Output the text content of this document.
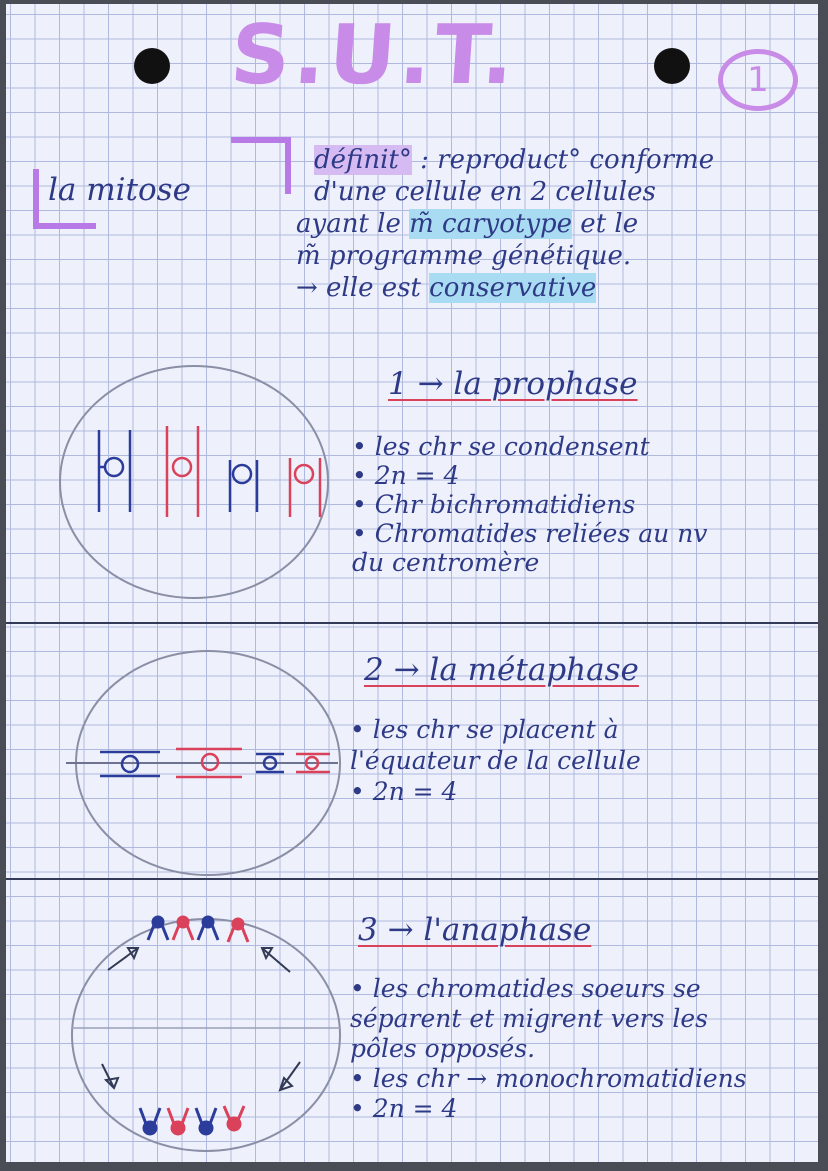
S.U.T.	1
la mitose
définit° : reproduct° conforme
d'une cellule en 2 cellules
ayant le m̃ caryotype et le
m̃ programme génétique.
→ elle est conservative
1 → la prophase
• les chr se condensent
• 2n = 4
• Chr bichromatidiens
• Chromatides reliées au nv
du centromère
2 → la métaphase
• les chr se placent à
l'équateur de la cellule
• 2n = 4
3 → l'anaphase
• les chromatides soeurs se
séparent et migrent vers les
pôles opposés.
• les chr → monochromatidiens
• 2n = 4
